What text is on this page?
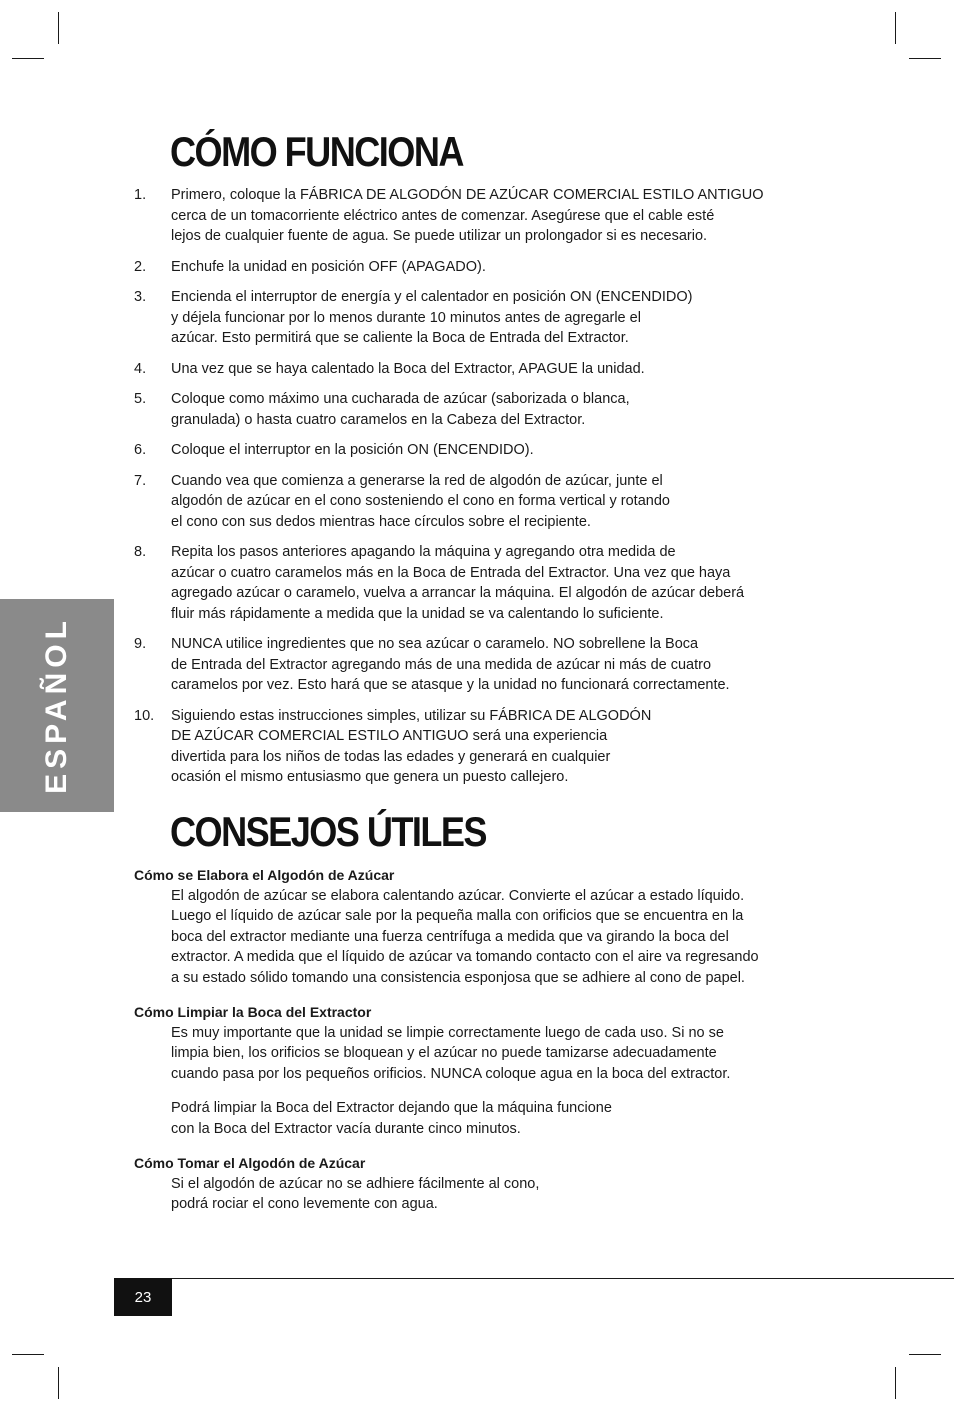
ESPAÑOL
CÓMO FUNCIONA
1. Primero, coloque la FÁBRICA DE ALGODÓN DE AZÚCAR COMERCIAL ESTILO ANTIGUO
cerca de un tomacorriente eléctrico antes de comenzar. Asegúrese que el cable esté
lejos de cualquier fuente de agua. Se puede utilizar un prolongador si es necesario.
2. Enchufe la unidad en posición OFF (APAGADO).
3. Encienda el interruptor de energía y el calentador en posición ON (ENCENDIDO)
y déjela funcionar por lo menos durante 10 minutos antes de agregarle el
azúcar. Esto permitirá que se caliente la Boca de Entrada del Extractor.
4. Una vez que se haya calentado la Boca del Extractor, APAGUE la unidad.
5. Coloque como máximo una cucharada de azúcar (saborizada o blanca,
granulada) o hasta cuatro caramelos en la Cabeza del Extractor.
6. Coloque el interruptor en la posición ON (ENCENDIDO).
7. Cuando vea que comienza a generarse la red de algodón de azúcar, junte el
algodón de azúcar en el cono sosteniendo el cono en forma vertical y rotando
el cono con sus dedos mientras hace círculos sobre el recipiente.
8. Repita los pasos anteriores apagando la máquina y agregando otra medida de
azúcar o cuatro caramelos más en la Boca de Entrada del Extractor. Una vez que haya
agregado azúcar o caramelo, vuelva a arrancar la máquina. El algodón de azúcar deberá
fluir más rápidamente a medida que la unidad se va calentando lo suficiente.
9. NUNCA utilice ingredientes que no sea azúcar o caramelo. NO sobrellene la Boca
de Entrada del Extractor agregando más de una medida de azúcar ni más de cuatro
caramelos por vez. Esto hará que se atasque y la unidad no funcionará correctamente.
10. Siguiendo estas instrucciones simples, utilizar su FÁBRICA DE ALGODÓN
DE AZÚCAR COMERCIAL ESTILO ANTIGUO será una experiencia
divertida para los niños de todas las edades y generará en cualquier
ocasión el mismo entusiasmo que genera un puesto callejero.
CONSEJOS ÚTILES
Cómo se Elabora el Algodón de Azúcar
El algodón de azúcar se elabora calentando azúcar. Convierte el azúcar a estado líquido.
Luego el líquido de azúcar sale por la pequeña malla con orificios que se encuentra en la
boca del extractor mediante una fuerza centrífuga a medida que va girando la boca del
extractor. A medida que el líquido de azúcar va tomando contacto con el aire va regresando
a su estado sólido tomando una consistencia esponjosa que se adhiere al cono de papel.
Cómo Limpiar la Boca del Extractor
Es muy importante que la unidad se limpie correctamente luego de cada uso. Si no se
limpia bien, los orificios se bloquean y el azúcar no puede tamizarse adecuadamente
cuando pasa por los pequeños orificios. NUNCA coloque agua en la boca del extractor.
Podrá limpiar la Boca del Extractor dejando que la máquina funcione
con la Boca del Extractor vacía durante cinco minutos.
Cómo Tomar el Algodón de Azúcar
Si el algodón de azúcar no se adhiere fácilmente al cono,
podrá rociar el cono levemente con agua.
23
